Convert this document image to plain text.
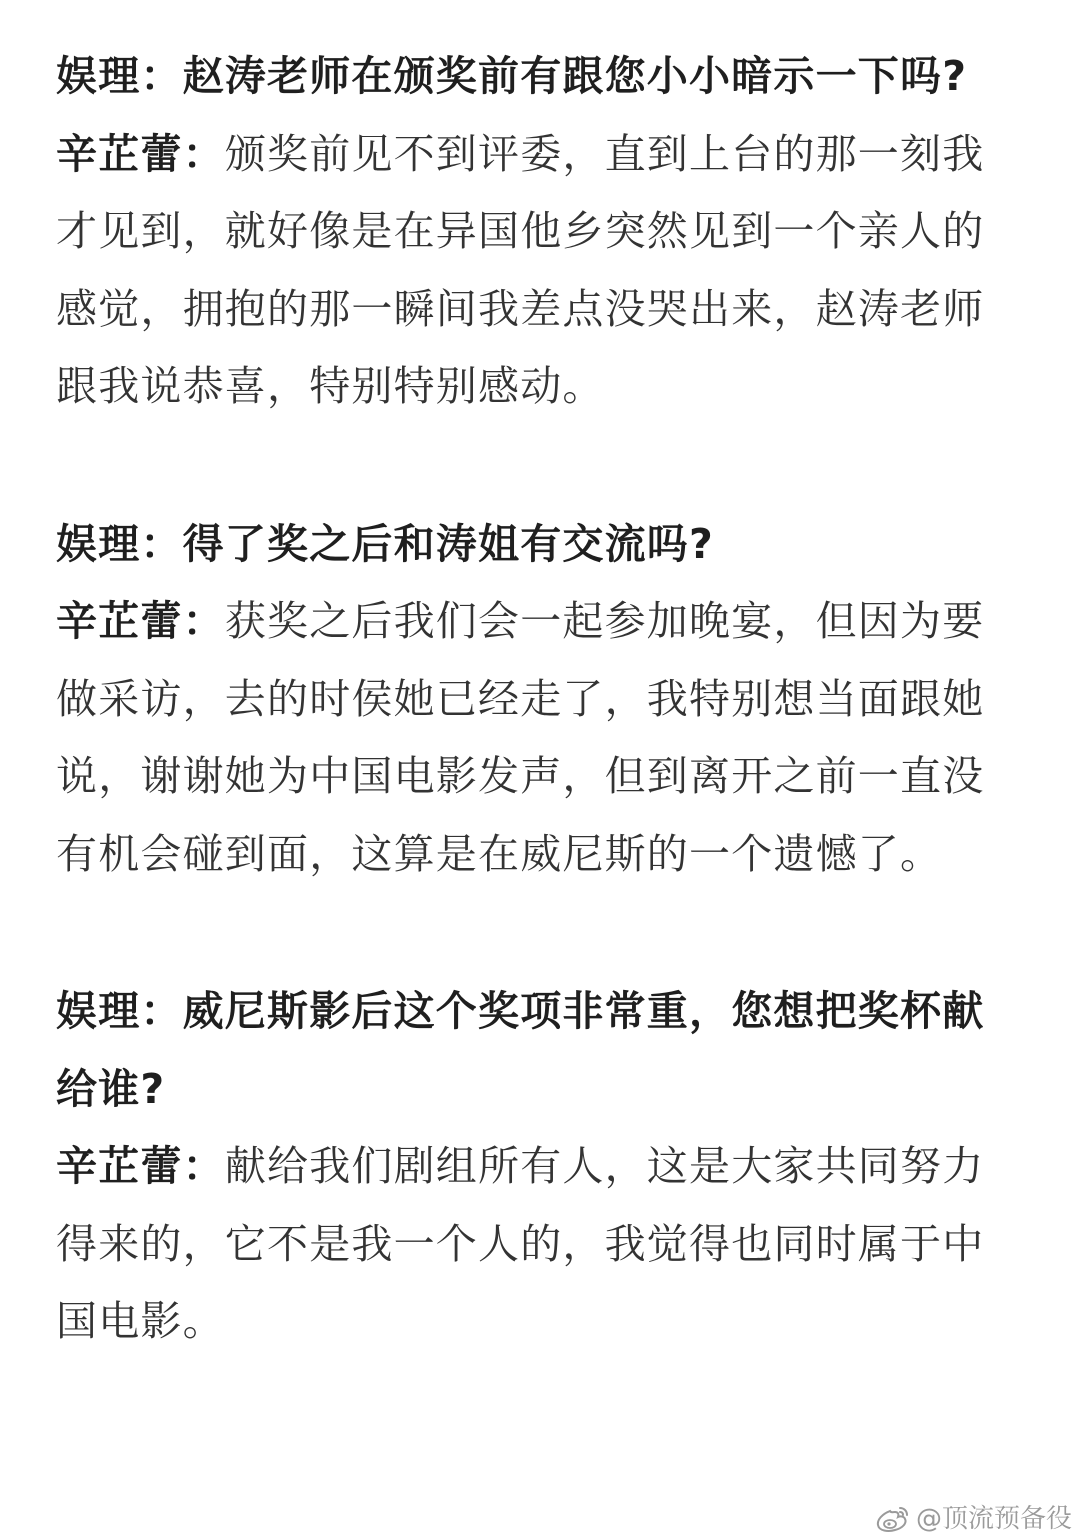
娱理：赵涛老师在颁奖前有跟您小小暗示一下吗?

辛芷蕾：颁奖前见不到评委，直到上台的那一刻我才见到，就好像是在异国他乡突然见到一个亲人的感觉，拥抱的那一瞬间我差点没哭出来，赵涛老师跟我说恭喜，特别特别感动。

娱理：得了奖之后和涛姐有交流吗?

辛芷蕾：获奖之后我们会一起参加晚宴，但因为要做采访，去的时侯她已经走了，我特别想当面跟她说，谢谢她为中国电影发声，但到离开之前一直没有机会碰到面，这算是在威尼斯的一个遗憾了。

娱理：威尼斯影后这个奖项非常重，您想把奖杯献给谁?

辛芷蕾：献给我们剧组所有人，这是大家共同努力得来的，它不是我一个人的，我觉得也同时属于中国电影。

@顶流预备役
